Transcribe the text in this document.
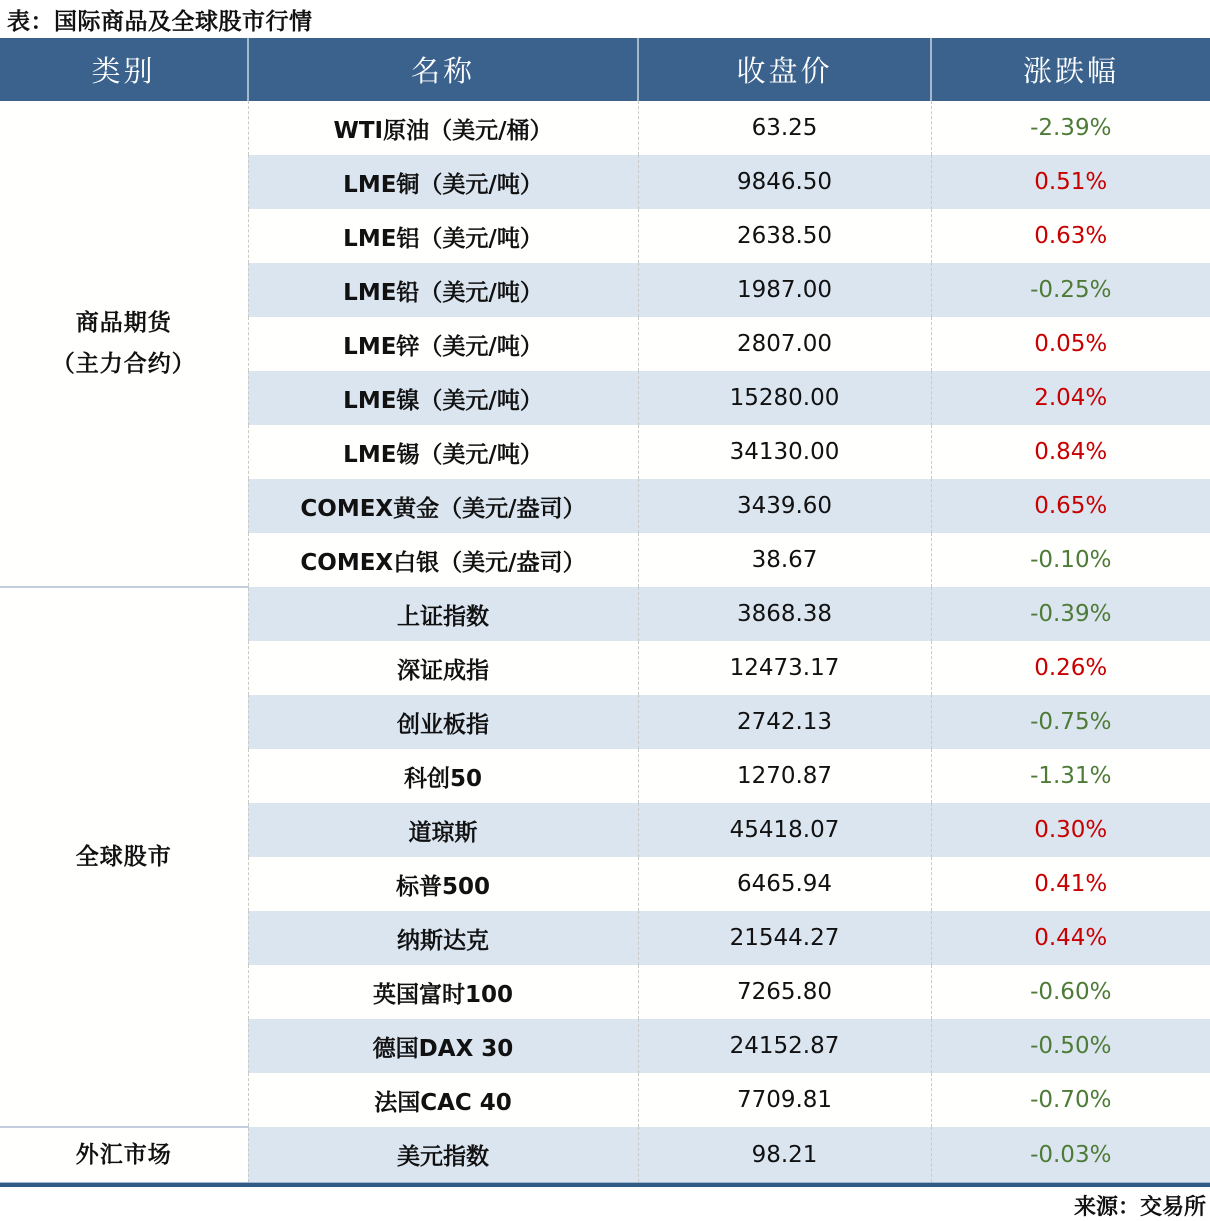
表：国际商品及全球股市行情
类别	名称	收盘价	涨跌幅
商品期货
（主力合约）	WTI原油（美元/桶）	63.25	-2.39%
	LME铜（美元/吨）	9846.50	0.51%
	LME铝（美元/吨）	2638.50	0.63%
	LME铅（美元/吨）	1987.00	-0.25%
	LME锌（美元/吨）	2807.00	0.05%
	LME镍（美元/吨）	15280.00	2.04%
	LME锡（美元/吨）	34130.00	0.84%
	COMEX黄金（美元/盎司）	3439.60	0.65%
	COMEX白银（美元/盎司）	38.67	-0.10%
全球股市	上证指数	3868.38	-0.39%
	深证成指	12473.17	0.26%
	创业板指	2742.13	-0.75%
	科创50	1270.87	-1.31%
	道琼斯	45418.07	0.30%
	标普500	6465.94	0.41%
	纳斯达克	21544.27	0.44%
	英国富时100	7265.80	-0.60%
	德国DAX 30	24152.87	-0.50%
	法国CAC 40	7709.81	-0.70%
外汇市场	美元指数	98.21	-0.03%
来源：交易所
